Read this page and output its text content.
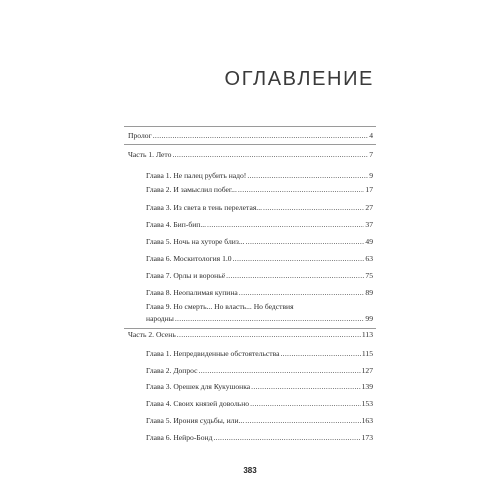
ОГЛАВЛЕНИЕ
Пролог .....	4
Часть 1. Лето .....	7
Глава 1. Не палец рубить надо! .....	9
Глава 2. И замыслил побег... .....	17
Глава 3. Из света в тень перелетая... .....	27
Глава 4. Бип-бип... .....	37
Глава 5. Ночь на хуторе близ... .....	49
Глава 6. Москитология 1.0 .....	63
Глава 7. Орлы и вороньё .....	75
Глава 8. Неопалимая купина .....	89
Глава 9. Но смерть... Но власть... Но бедствия
народны .....	99
Часть 2. Осень .....	113
Глава 1. Непредвиденные обстоятельства .....	115
Глава 2. Допрос .....	127
Глава 3. Орешек для Кукушонка .....	139
Глава 4. Своих князей довольно .....	153
Глава 5. Ирония судьбы, или... .....	163
Глава 6. Нейро-Бонд .....	173
383
